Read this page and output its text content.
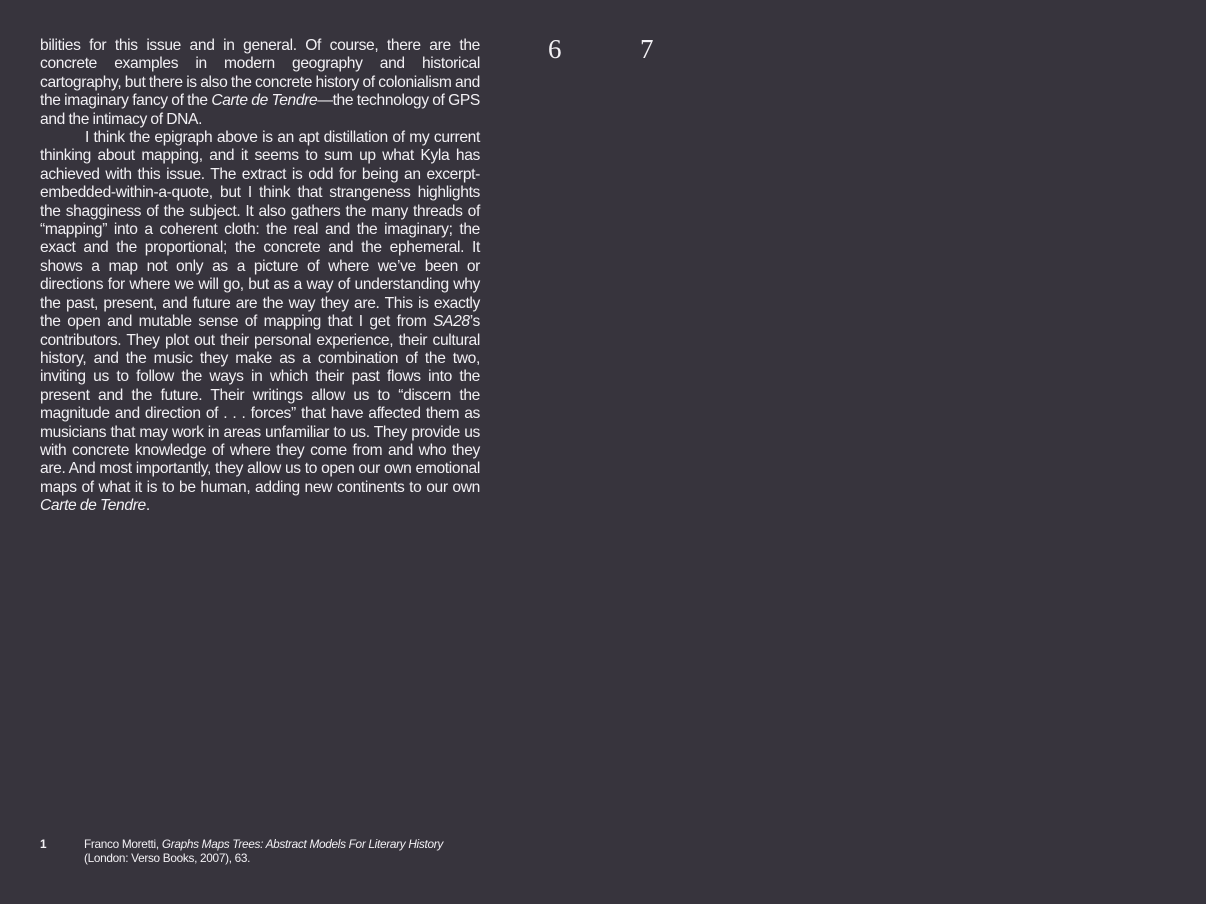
bilities for this issue and in general. Of course, there are the concrete examples in modern geography and historical cartography, but there is also the concrete history of colonialism and the imaginary fancy of the Carte de Tendre—the technology of GPS and the intimacy of DNA.

I think the epigraph above is an apt distillation of my current thinking about mapping, and it seems to sum up what Kyla has achieved with this issue. The extract is odd for being an excerpt-embedded-within-a-quote, but I think that strangeness highlights the shagginess of the subject. It also gathers the many threads of “mapping” into a coherent cloth: the real and the imaginary; the exact and the proportional; the concrete and the ephemeral. It shows a map not only as a picture of where we’ve been or directions for where we will go, but as a way of understanding why the past, present, and future are the way they are. This is exactly the open and mutable sense of mapping that I get from SA28’s contributors. They plot out their personal experience, their cultural history, and the music they make as a combination of the two, inviting us to follow the ways in which their past flows into the present and the future. Their writings allow us to “discern the magnitude and direction of . . . forces” that have affected them as musicians that may work in areas unfamiliar to us. They provide us with concrete knowledge of where they come from and who they are. And most importantly, they allow us to open our own emotional maps of what it is to be human, adding new continents to our own Carte de Tendre.

6	7
1	Franco Moretti, Graphs Maps Trees: Abstract Models For Literary History
(London: Verso Books, 2007), 63.
